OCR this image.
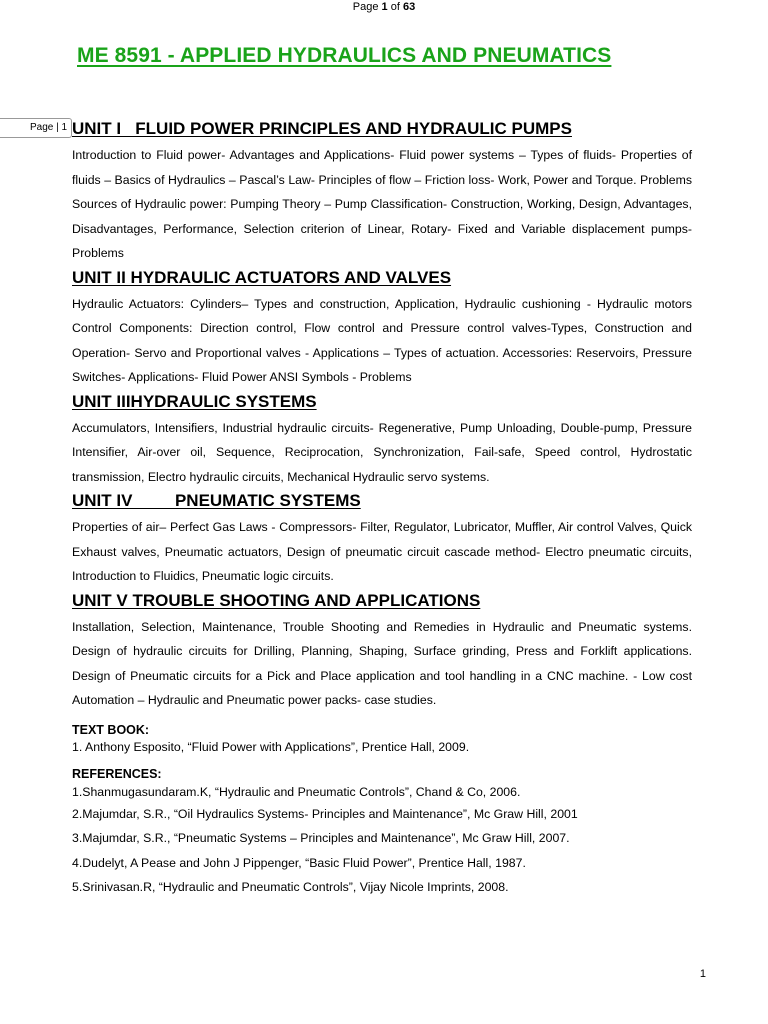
Page 1 of 63
ME 8591 - APPLIED HYDRAULICS AND PNEUMATICS
Page | 1 UNIT I   FLUID POWER PRINCIPLES AND HYDRAULIC PUMPS

Introduction to Fluid power- Advantages and Applications- Fluid power systems – Types of fluids- Properties of fluids – Basics of Hydraulics – Pascal’s Law- Principles of flow – Friction loss- Work, Power and Torque. Problems Sources of Hydraulic power: Pumping Theory – Pump Classification- Construction, Working, Design, Advantages, Disadvantages, Performance, Selection criterion of Linear, Rotary- Fixed and Variable displacement pumps-Problems

UNIT II HYDRAULIC ACTUATORS AND VALVES

Hydraulic Actuators: Cylinders– Types and construction, Application, Hydraulic cushioning - Hydraulic motors Control Components: Direction control, Flow control and Pressure control valves-Types, Construction and Operation- Servo and Proportional valves - Applications – Types of actuation. Accessories: Reservoirs, Pressure Switches- Applications- Fluid Power ANSI Symbols - Problems

UNIT IIIHYDRAULIC SYSTEMS

Accumulators, Intensifiers, Industrial hydraulic circuits- Regenerative, Pump Unloading, Double-pump, Pressure Intensifier, Air-over oil, Sequence, Reciprocation, Synchronization, Fail-safe, Speed control, Hydrostatic transmission, Electro hydraulic circuits, Mechanical Hydraulic servo systems.

UNIT IV         PNEUMATIC SYSTEMS

Properties of air– Perfect Gas Laws - Compressors- Filter, Regulator, Lubricator, Muffler, Air control Valves, Quick Exhaust valves, Pneumatic actuators, Design of pneumatic circuit cascade method- Electro pneumatic circuits, Introduction to Fluidics, Pneumatic logic circuits.

UNIT V TROUBLE SHOOTING AND APPLICATIONS

Installation, Selection, Maintenance, Trouble Shooting and Remedies in Hydraulic and Pneumatic systems. Design of hydraulic circuits for Drilling, Planning, Shaping, Surface grinding, Press and Forklift applications. Design of Pneumatic circuits for a Pick and Place application and tool handling in a CNC machine. - Low cost Automation – Hydraulic and Pneumatic power packs- case studies.

TEXT BOOK:

1. Anthony Esposito, “Fluid Power with Applications”, Prentice Hall, 2009.

REFERENCES:

1.Shanmugasundaram.K, “Hydraulic and Pneumatic Controls”, Chand & Co, 2006.

2.Majumdar, S.R., “Oil Hydraulics Systems- Principles and Maintenance”, Mc Graw Hill, 2001

3.Majumdar, S.R., “Pneumatic Systems – Principles and Maintenance”, Mc Graw Hill, 2007.

4.Dudelyt, A Pease and John J Pippenger, “Basic Fluid Power”, Prentice Hall, 1987.

5.Srinivasan.R, “Hydraulic and Pneumatic Controls”, Vijay Nicole Imprints, 2008.

1
